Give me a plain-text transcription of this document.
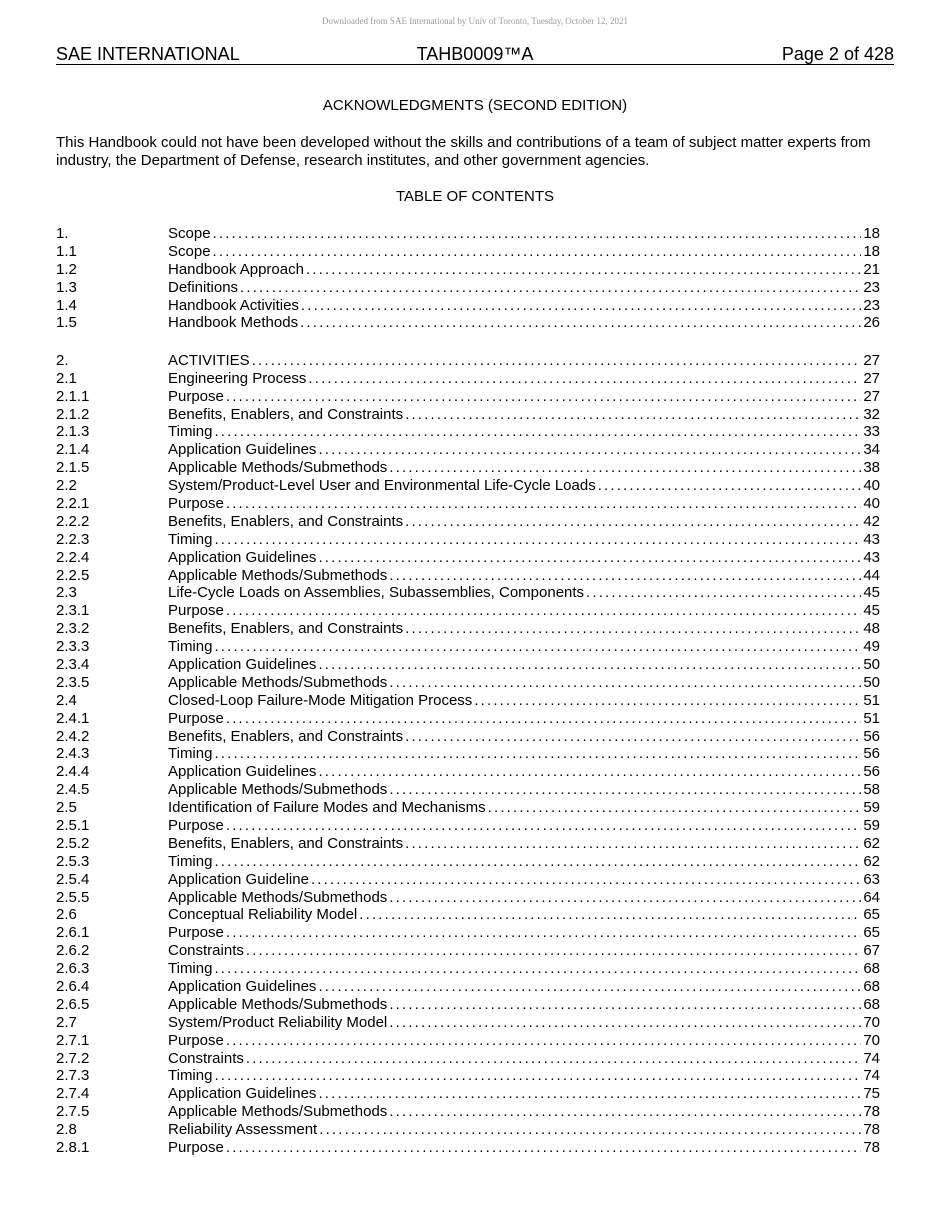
Downloaded from SAE International by Univ of Toronto, Tuesday, October 12, 2021
SAE INTERNATIONAL	TAHB0009™A	Page 2 of 428
ACKNOWLEDGMENTS (SECOND EDITION)
This Handbook could not have been developed without the skills and contributions of a team of subject matter experts from industry, the Department of Defense, research institutes, and other government agencies.
TABLE OF CONTENTS
1.	Scope . . .	18
1.1	Scope . . .	18
1.2	Handbook Approach . . .	21
1.3	Definitions . . .	23
1.4	Handbook Activities . . .	23
1.5	Handbook Methods . . .	26
2.	ACTIVITIES . . .	27
2.1	Engineering Process . . .	27
2.1.1	Purpose . . .	27
2.1.2	Benefits, Enablers, and Constraints . . .	32
2.1.3	Timing . . .	33
2.1.4	Application Guidelines . . .	34
2.1.5	Applicable Methods/Submethods . . .	38
2.2	System/Product-Level User and Environmental Life-Cycle Loads . . .	40
2.2.1	Purpose . . .	40
2.2.2	Benefits, Enablers, and Constraints . . .	42
2.2.3	Timing . . .	43
2.2.4	Application Guidelines . . .	43
2.2.5	Applicable Methods/Submethods . . .	44
2.3	Life-Cycle Loads on Assemblies, Subassemblies, Components . . .	45
2.3.1	Purpose . . .	45
2.3.2	Benefits, Enablers, and Constraints . . .	48
2.3.3	Timing . . .	49
2.3.4	Application Guidelines . . .	50
2.3.5	Applicable Methods/Submethods . . .	50
2.4	Closed-Loop Failure-Mode Mitigation Process . . .	51
2.4.1	Purpose . . .	51
2.4.2	Benefits, Enablers, and Constraints . . .	56
2.4.3	Timing . . .	56
2.4.4	Application Guidelines . . .	56
2.4.5	Applicable Methods/Submethods . . .	58
2.5	Identification of Failure Modes and Mechanisms . . .	59
2.5.1	Purpose . . .	59
2.5.2	Benefits, Enablers, and Constraints . . .	62
2.5.3	Timing . . .	62
2.5.4	Application Guideline . . .	63
2.5.5	Applicable Methods/Submethods . . .	64
2.6	Conceptual Reliability Model . . .	65
2.6.1	Purpose . . .	65
2.6.2	Constraints . . .	67
2.6.3	Timing . . .	68
2.6.4	Application Guidelines . . .	68
2.6.5	Applicable Methods/Submethods . . .	68
2.7	System/Product Reliability Model . . .	70
2.7.1	Purpose . . .	70
2.7.2	Constraints . . .	74
2.7.3	Timing . . .	74
2.7.4	Application Guidelines . . .	75
2.7.5	Applicable Methods/Submethods . . .	78
2.8	Reliability Assessment . . .	78
2.8.1	Purpose . . .	78
